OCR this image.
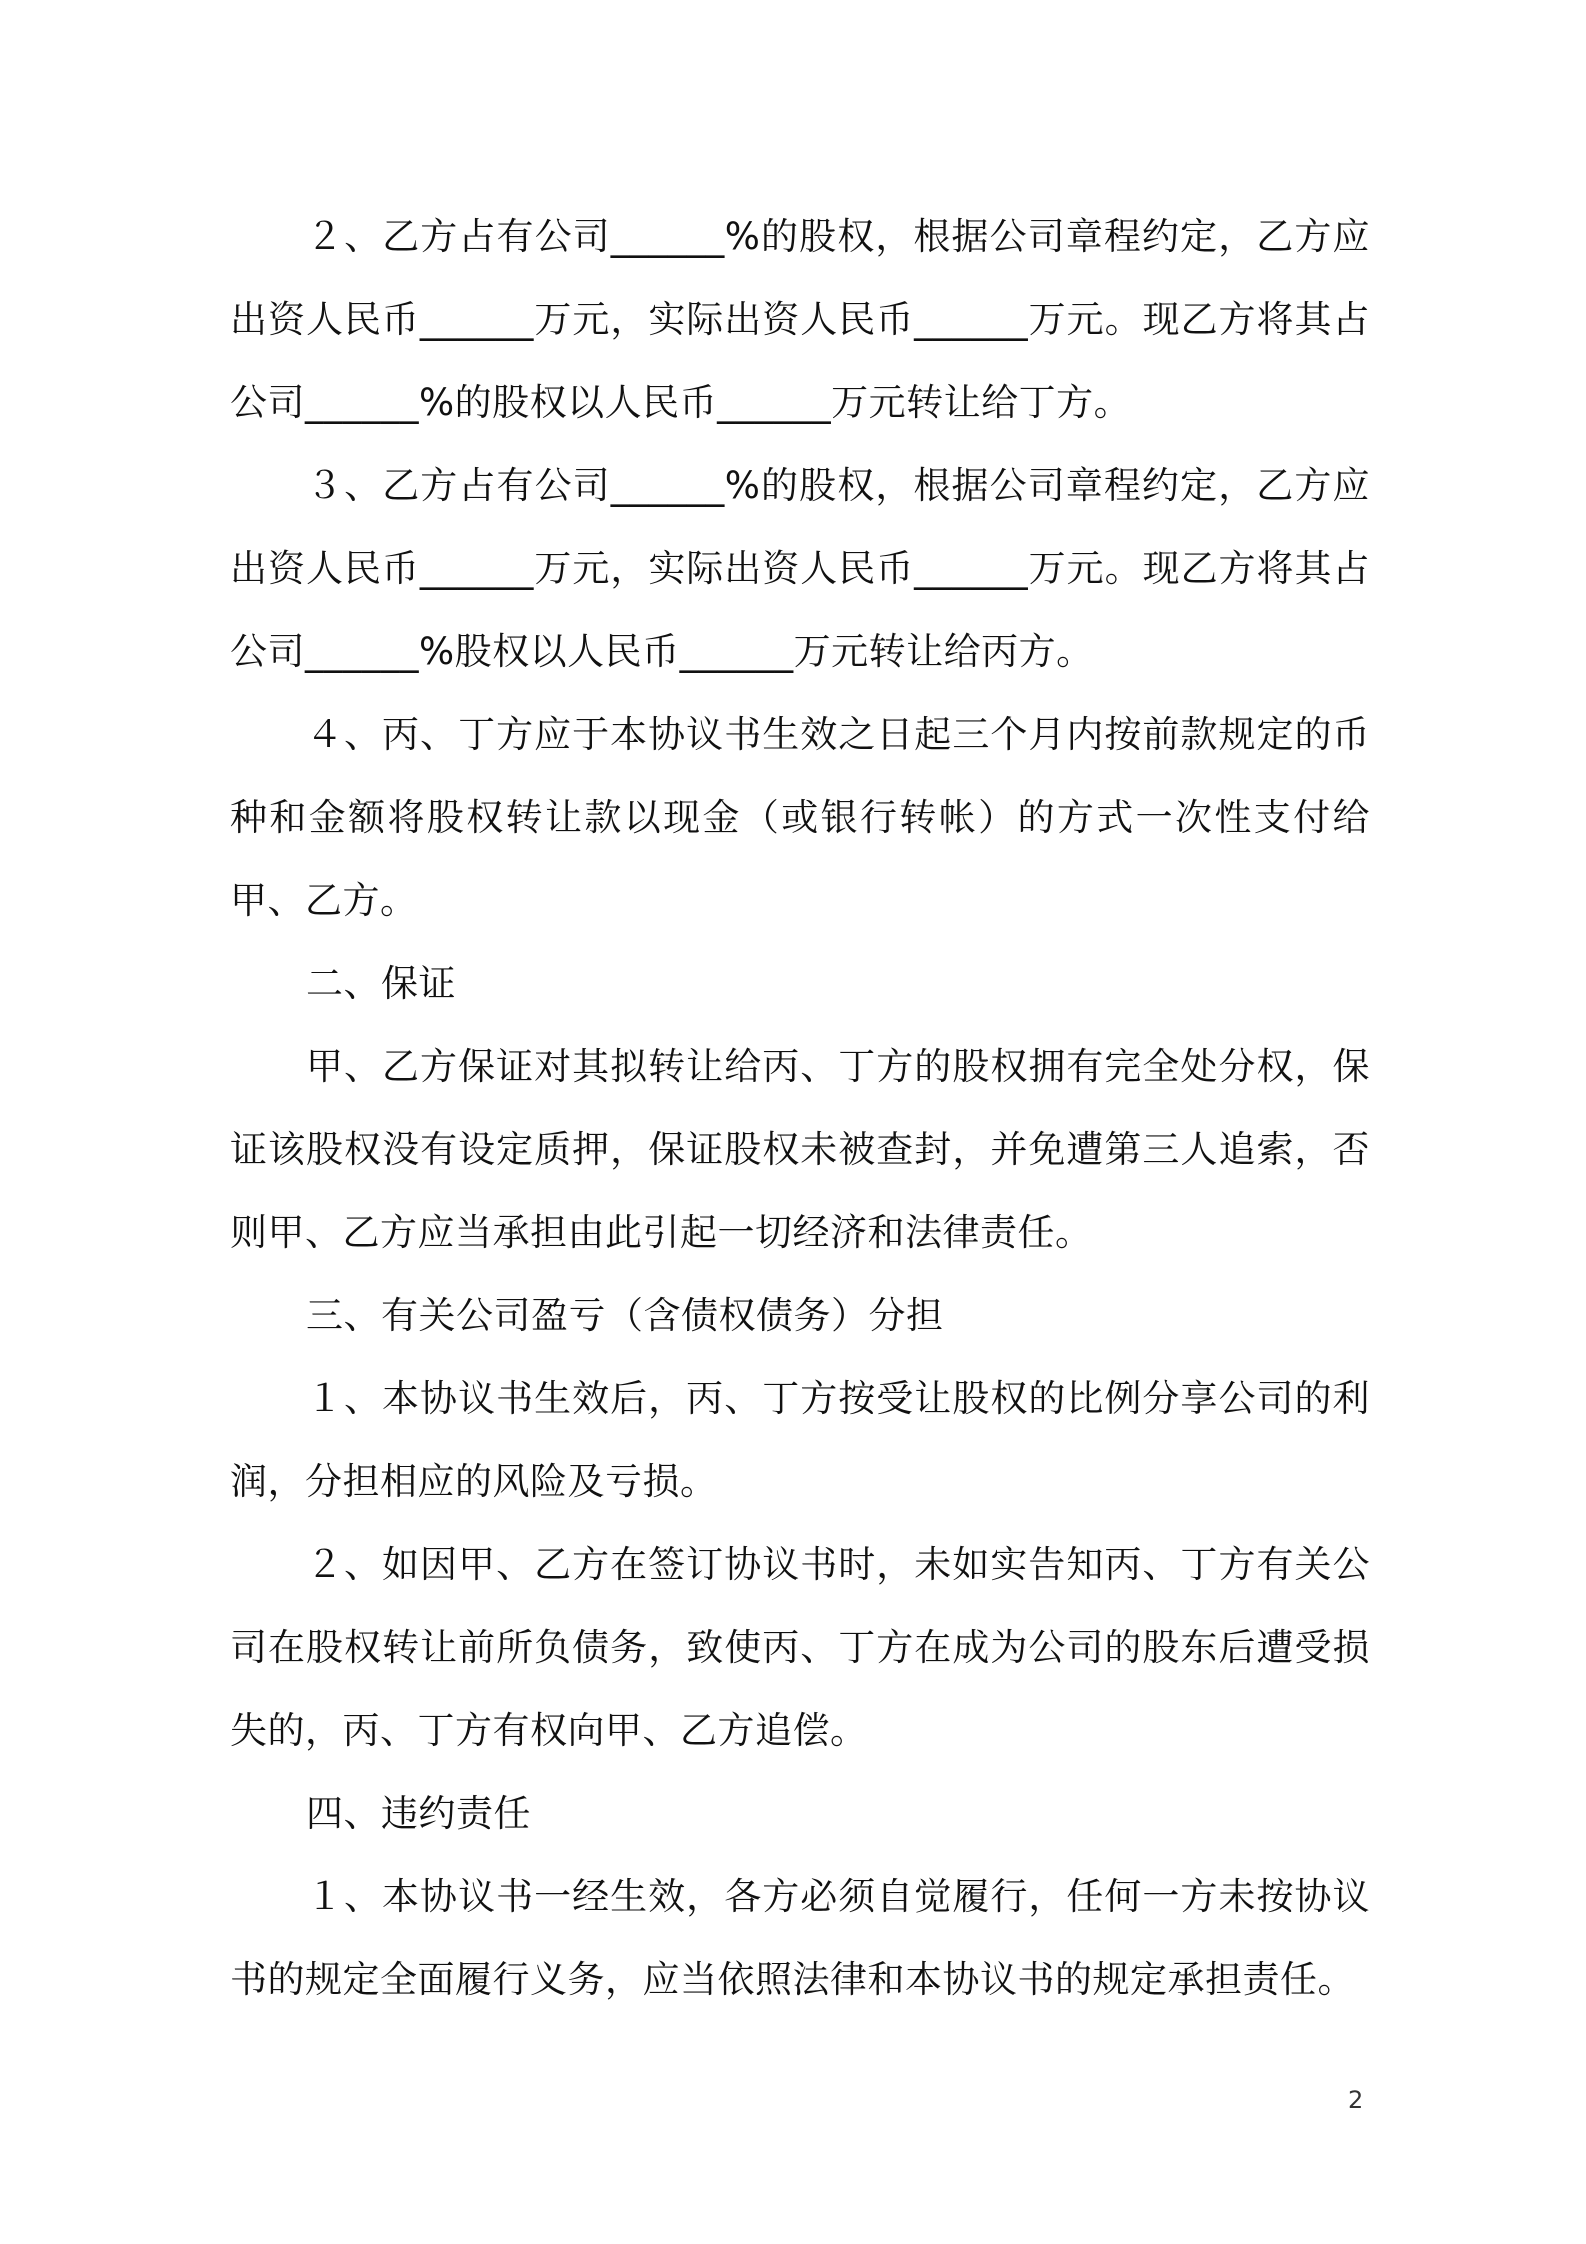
２、乙方占有公司______%的股权，根据公司章程约定，乙方应出资人民币______万元，实际出资人民币______万元。现乙方将其占公司______%的股权以人民币______万元转让给丁方。

３、乙方占有公司______%的股权，根据公司章程约定，乙方应出资人民币______万元，实际出资人民币______万元。现乙方将其占公司______%股权以人民币______万元转让给丙方。

４、丙、丁方应于本协议书生效之日起三个月内按前款规定的币种和金额将股权转让款以现金（或银行转帐）的方式一次性支付给甲、乙方。

二、保证

甲、乙方保证对其拟转让给丙、丁方的股权拥有完全处分权，保证该股权没有设定质押，保证股权未被查封，并免遭第三人追索，否则甲、乙方应当承担由此引起一切经济和法律责任。

三、有关公司盈亏（含债权债务）分担

１、本协议书生效后，丙、丁方按受让股权的比例分享公司的利润，分担相应的风险及亏损。

２、如因甲、乙方在签订协议书时，未如实告知丙、丁方有关公司在股权转让前所负债务，致使丙、丁方在成为公司的股东后遭受损失的，丙、丁方有权向甲、乙方追偿。

四、违约责任

１、本协议书一经生效，各方必须自觉履行，任何一方未按协议书的规定全面履行义务，应当依照法律和本协议书的规定承担责任。

2
